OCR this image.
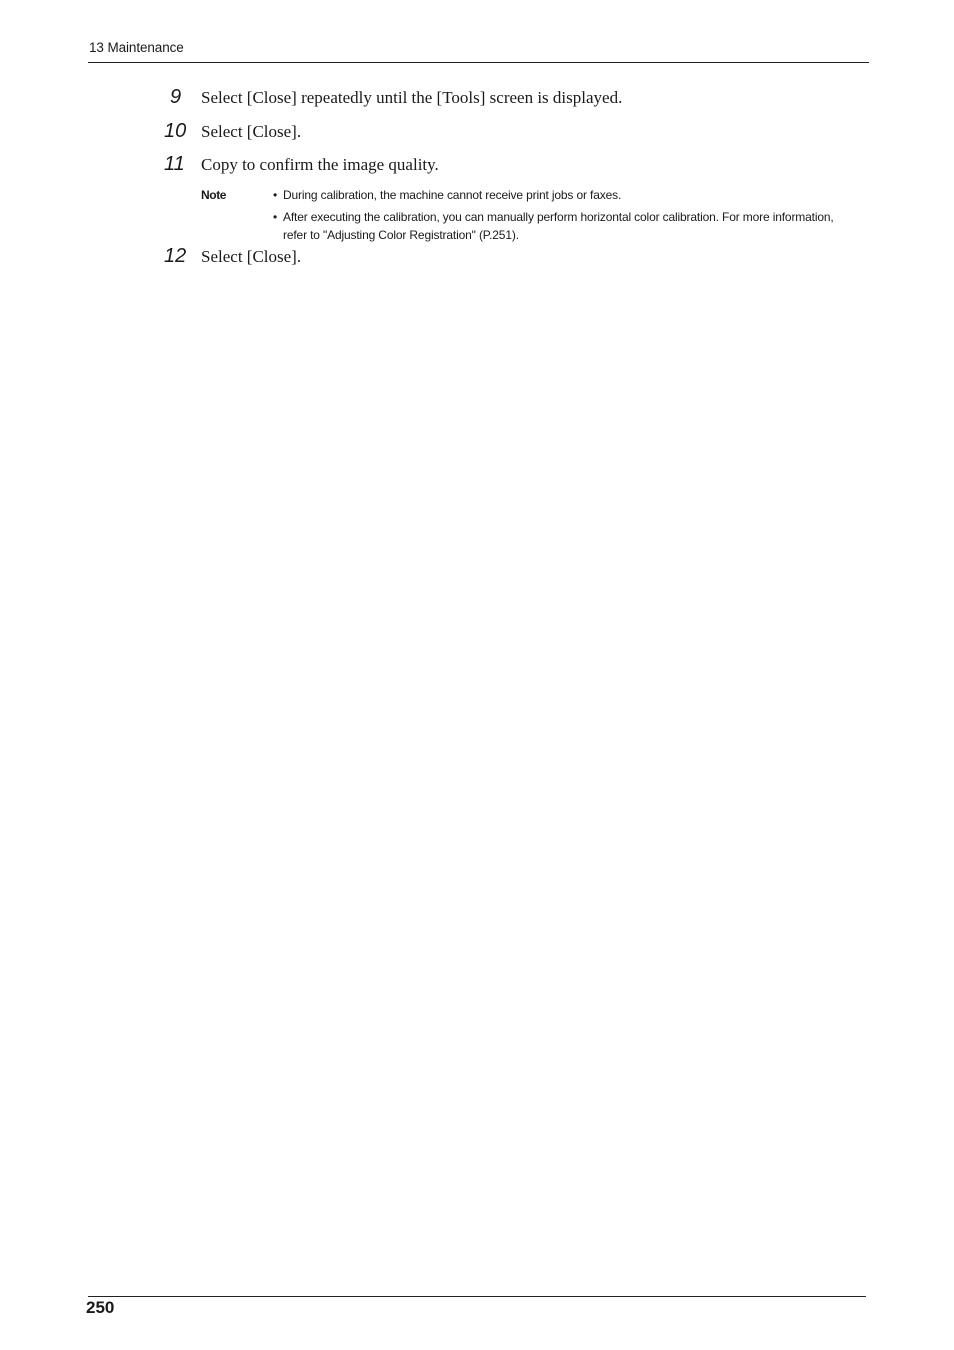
13 Maintenance
9	Select [Close] repeatedly until the [Tools] screen is displayed.
10 Select [Close].
11 Copy to confirm the image quality.
Note	• During calibration, the machine cannot receive print jobs or faxes.
• After executing the calibration, you can manually perform horizontal color calibration. For more information, refer to "Adjusting Color Registration" (P.251).
12 Select [Close].
250
